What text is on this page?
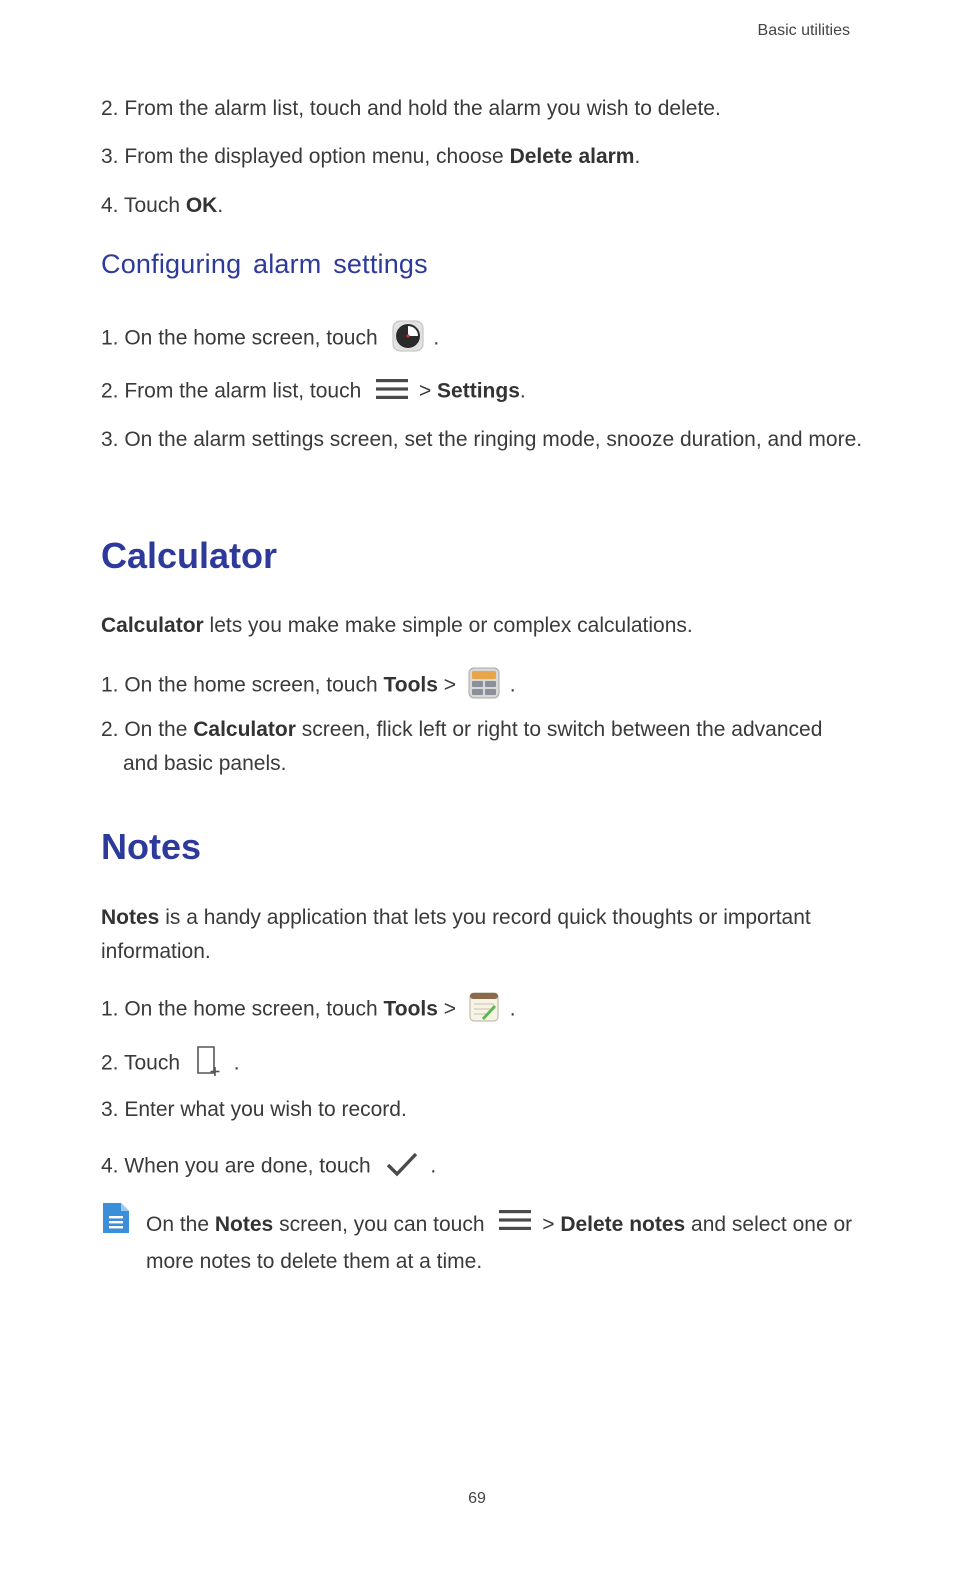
Basic utilities
2. From the alarm list, touch and hold the alarm you wish to delete.
3. From the displayed option menu, choose Delete alarm.
4. Touch OK.
Configuring alarm settings
1. On the home screen, touch	.
2. From the alarm list, touch  > Settings.
3. On the alarm settings screen, set the ringing mode, snooze duration, and more.
Calculator
Calculator lets you make make simple or complex calculations.
1. On the home screen, touch Tools >  .
2. On the Calculator screen, flick left or right to switch between the advanced and basic panels.
Notes
Notes is a handy application that lets you record quick thoughts or important information.
1. On the home screen, touch Tools >  .
2. Touch	.
3. Enter what you wish to record.
4. When you are done, touch	.
On the Notes screen, you can touch  > Delete notes and select one or more notes to delete them at a time.
69
